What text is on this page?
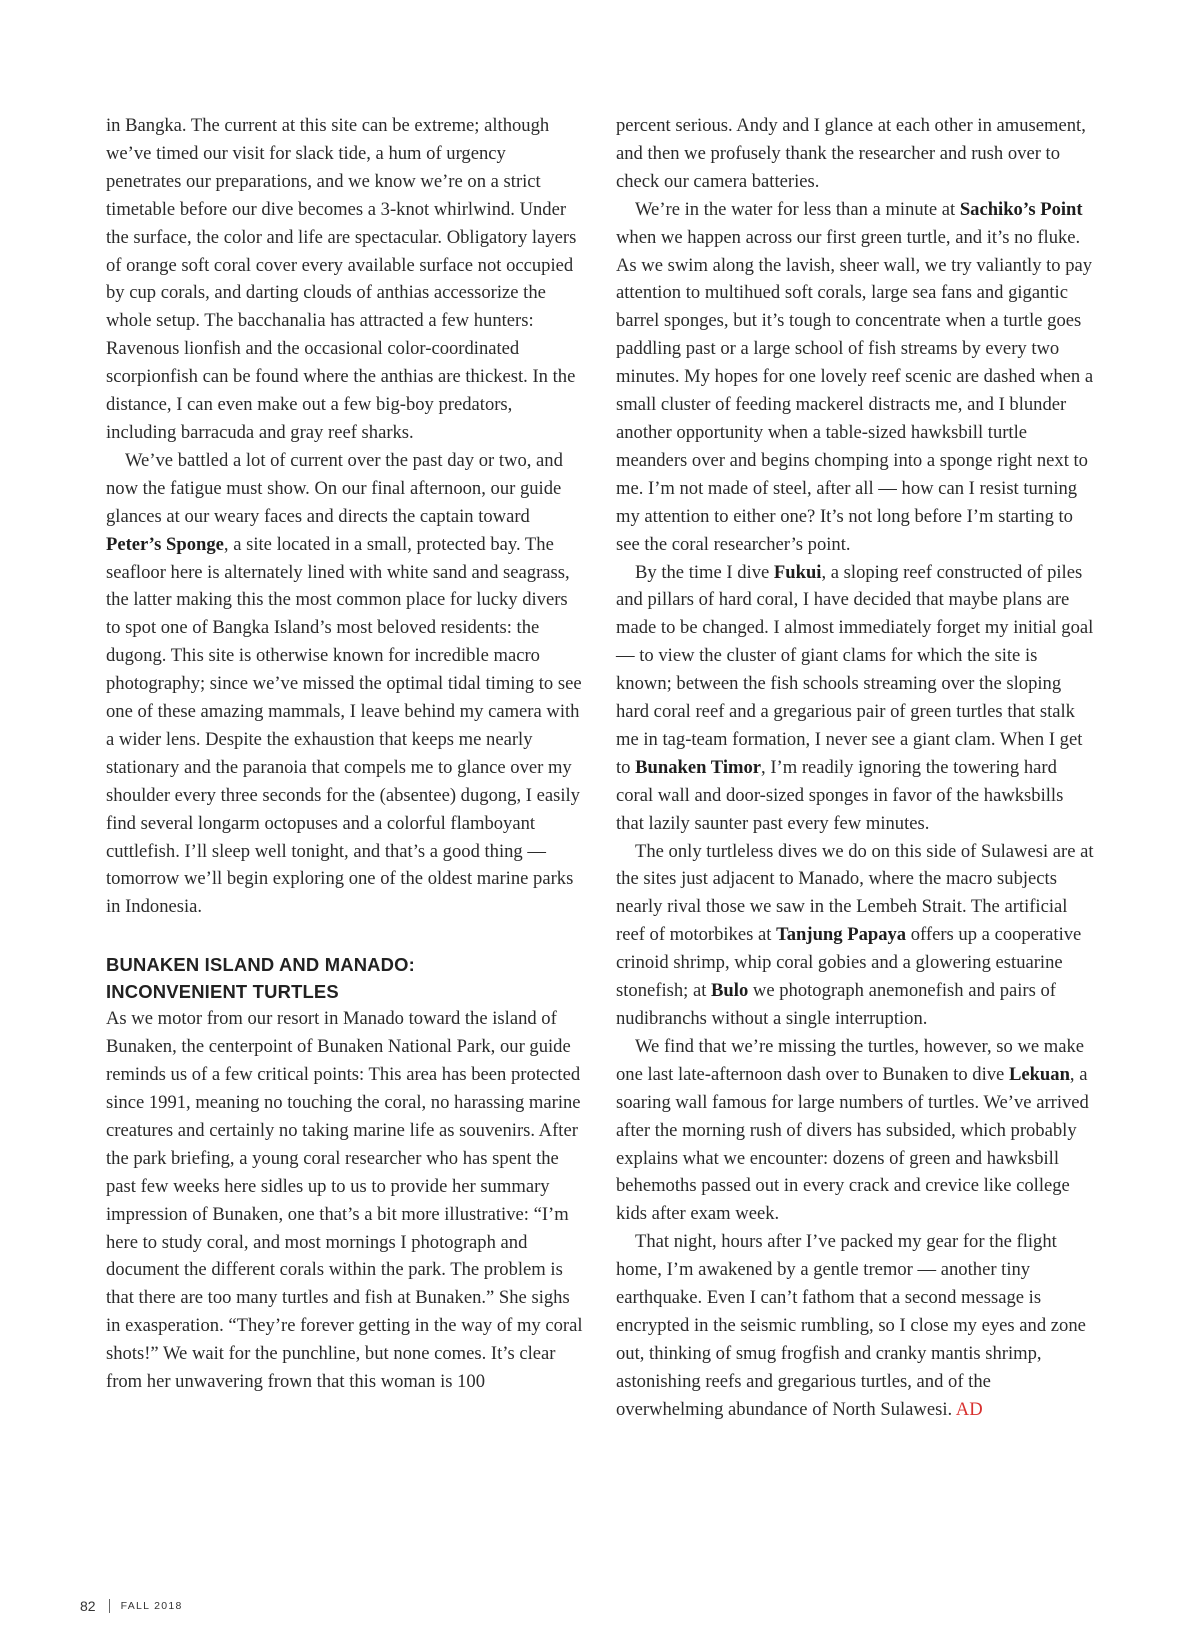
in Bangka. The current at this site can be extreme; although we’ve timed our visit for slack tide, a hum of urgency penetrates our preparations, and we know we’re on a strict timetable before our dive becomes a 3-knot whirlwind. Under the surface, the color and life are spectacular. Obligatory layers of orange soft coral cover every available surface not occupied by cup corals, and darting clouds of anthias accessorize the whole setup. The bacchanalia has attracted a few hunters: Ravenous lionfish and the occasional color-coordinated scorpionfish can be found where the anthias are thickest. In the distance, I can even make out a few big-boy predators, including barracuda and gray reef sharks.

We’ve battled a lot of current over the past day or two, and now the fatigue must show. On our final afternoon, our guide glances at our weary faces and directs the captain toward Peter’s Sponge, a site located in a small, protected bay. The seafloor here is alternately lined with white sand and seagrass, the latter making this the most common place for lucky divers to spot one of Bangka Island’s most beloved residents: the dugong. This site is otherwise known for incredible macro photography; since we’ve missed the optimal tidal timing to see one of these amazing mammals, I leave behind my camera with a wider lens. Despite the exhaustion that keeps me nearly stationary and the paranoia that compels me to glance over my shoulder every three seconds for the (absentee) dugong, I easily find several longarm octopuses and a colorful flamboyant cuttlefish. I’ll sleep well tonight, and that’s a good thing — tomorrow we’ll begin exploring one of the oldest marine parks in Indonesia.

BUNAKEN ISLAND AND MANADO:
INCONVENIENT TURTLES

As we motor from our resort in Manado toward the island of Bunaken, the centerpoint of Bunaken National Park, our guide reminds us of a few critical points: This area has been protected since 1991, meaning no touching the coral, no harassing marine creatures and certainly no taking marine life as souvenirs. After the park briefing, a young coral researcher who has spent the past few weeks here sidles up to us to provide her summary impression of Bunaken, one that’s a bit more illustrative: “I’m here to study coral, and most mornings I photograph and document the different corals within the park. The problem is that there are too many turtles and fish at Bunaken.” She sighs in exasperation. “They’re forever getting in the way of my coral shots!” We wait for the punchline, but none comes. It’s clear from her unwavering frown that this woman is 100

percent serious. Andy and I glance at each other in amusement, and then we profusely thank the researcher and rush over to check our camera batteries.

We’re in the water for less than a minute at Sachiko’s Point when we happen across our first green turtle, and it’s no fluke. As we swim along the lavish, sheer wall, we try valiantly to pay attention to multihued soft corals, large sea fans and gigantic barrel sponges, but it’s tough to concentrate when a turtle goes paddling past or a large school of fish streams by every two minutes. My hopes for one lovely reef scenic are dashed when a small cluster of feeding mackerel distracts me, and I blunder another opportunity when a table-sized hawksbill turtle meanders over and begins chomping into a sponge right next to me. I’m not made of steel, after all — how can I resist turning my attention to either one? It’s not long before I’m starting to see the coral researcher’s point.

By the time I dive Fukui, a sloping reef constructed of piles and pillars of hard coral, I have decided that maybe plans are made to be changed. I almost immediately forget my initial goal — to view the cluster of giant clams for which the site is known; between the fish schools streaming over the sloping hard coral reef and a gregarious pair of green turtles that stalk me in tag-team formation, I never see a giant clam. When I get to Bunaken Timor, I’m readily ignoring the towering hard coral wall and door-sized sponges in favor of the hawksbills that lazily saunter past every few minutes.

The only turtleless dives we do on this side of Sulawesi are at the sites just adjacent to Manado, where the macro subjects nearly rival those we saw in the Lembeh Strait. The artificial reef of motorbikes at Tanjung Papaya offers up a cooperative crinoid shrimp, whip coral gobies and a glowering estuarine stonefish; at Bulo we photograph anemonefish and pairs of nudibranchs without a single interruption.

We find that we’re missing the turtles, however, so we make one last late-afternoon dash over to Bunaken to dive Lekuan, a soaring wall famous for large numbers of turtles. We’ve arrived after the morning rush of divers has subsided, which probably explains what we encounter: dozens of green and hawksbill behemoths passed out in every crack and crevice like college kids after exam week.

That night, hours after I’ve packed my gear for the flight home, I’m awakened by a gentle tremor — another tiny earthquake. Even I can’t fathom that a second message is encrypted in the seismic rumbling, so I close my eyes and zone out, thinking of smug frogfish and cranky mantis shrimp, astonishing reefs and gregarious turtles, and of the overwhelming abundance of North Sulawesi. AD

82 FALL 2018
